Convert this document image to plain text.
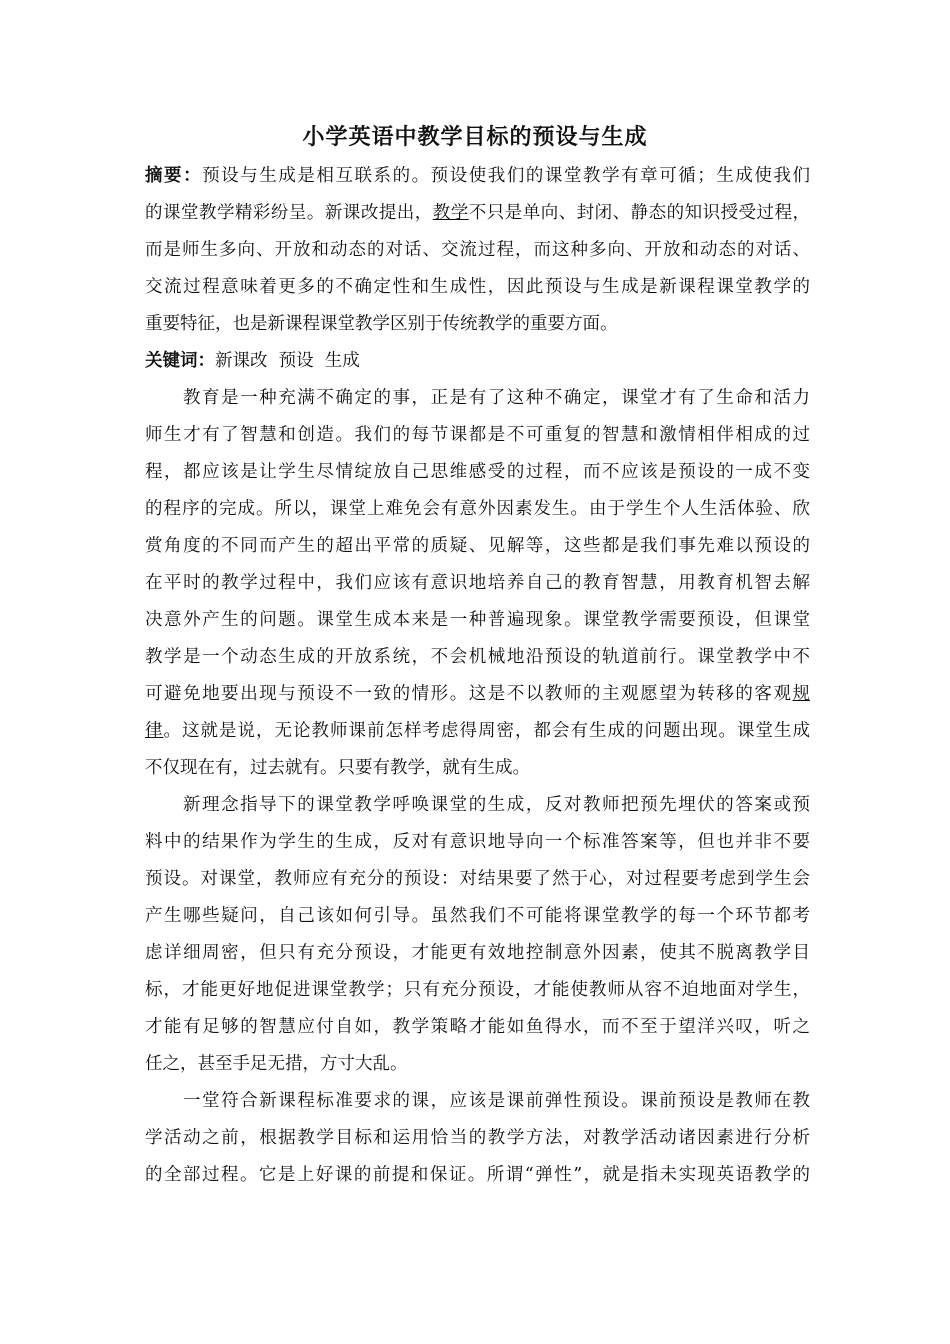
小学英语中教学目标的预设与生成
摘要：预设与生成是相互联系的。预设使我们的课堂教学有章可循；生成使我们
的课堂教学精彩纷呈。新课改提出，教学不只是单向、封闭、静态的知识授受过程，
而是师生多向、开放和动态的对话、交流过程，而这种多向、开放和动态的对话、
交流过程意味着更多的不确定性和生成性，因此预设与生成是新课程课堂教学的
重要特征，也是新课程课堂教学区别于传统教学的重要方面。
关键词：新课改  预设  生成
教育是一种充满不确定的事，正是有了这种不确定，课堂才有了生命和活力
师生才有了智慧和创造。我们的每节课都是不可重复的智慧和激情相伴相成的过
程，都应该是让学生尽情绽放自己思维感受的过程，而不应该是预设的一成不变
的程序的完成。所以，课堂上难免会有意外因素发生。由于学生个人生活体验、欣
赏角度的不同而产生的超出平常的质疑、见解等，这些都是我们事先难以预设的
在平时的教学过程中，我们应该有意识地培养自己的教育智慧，用教育机智去解
决意外产生的问题。课堂生成本来是一种普遍现象。课堂教学需要预设，但课堂
教学是一个动态生成的开放系统，不会机械地沿预设的轨道前行。课堂教学中不
可避免地要出现与预设不一致的情形。这是不以教师的主观愿望为转移的客观规
律。这就是说，无论教师课前怎样考虑得周密，都会有生成的问题出现。课堂生成
不仅现在有，过去就有。只要有教学，就有生成。
新理念指导下的课堂教学呼唤课堂的生成，反对教师把预先埋伏的答案或预
料中的结果作为学生的生成，反对有意识地导向一个标准答案等，但也并非不要
预设。对课堂，教师应有充分的预设：对结果要了然于心，对过程要考虑到学生会
产生哪些疑问，自己该如何引导。虽然我们不可能将课堂教学的每一个环节都考
虑详细周密，但只有充分预设，才能更有效地控制意外因素，使其不脱离教学目
标，才能更好地促进课堂教学；只有充分预设，才能使教师从容不迫地面对学生，
才能有足够的智慧应付自如，教学策略才能如鱼得水，而不至于望洋兴叹，听之
任之，甚至手足无措，方寸大乱。
一堂符合新课程标准要求的课，应该是课前弹性预设。课前预设是教师在教
学活动之前，根据教学目标和运用恰当的教学方法，对教学活动诸因素进行分析
的全部过程。它是上好课的前提和保证。所谓“弹性”，就是指未实现英语教学的
